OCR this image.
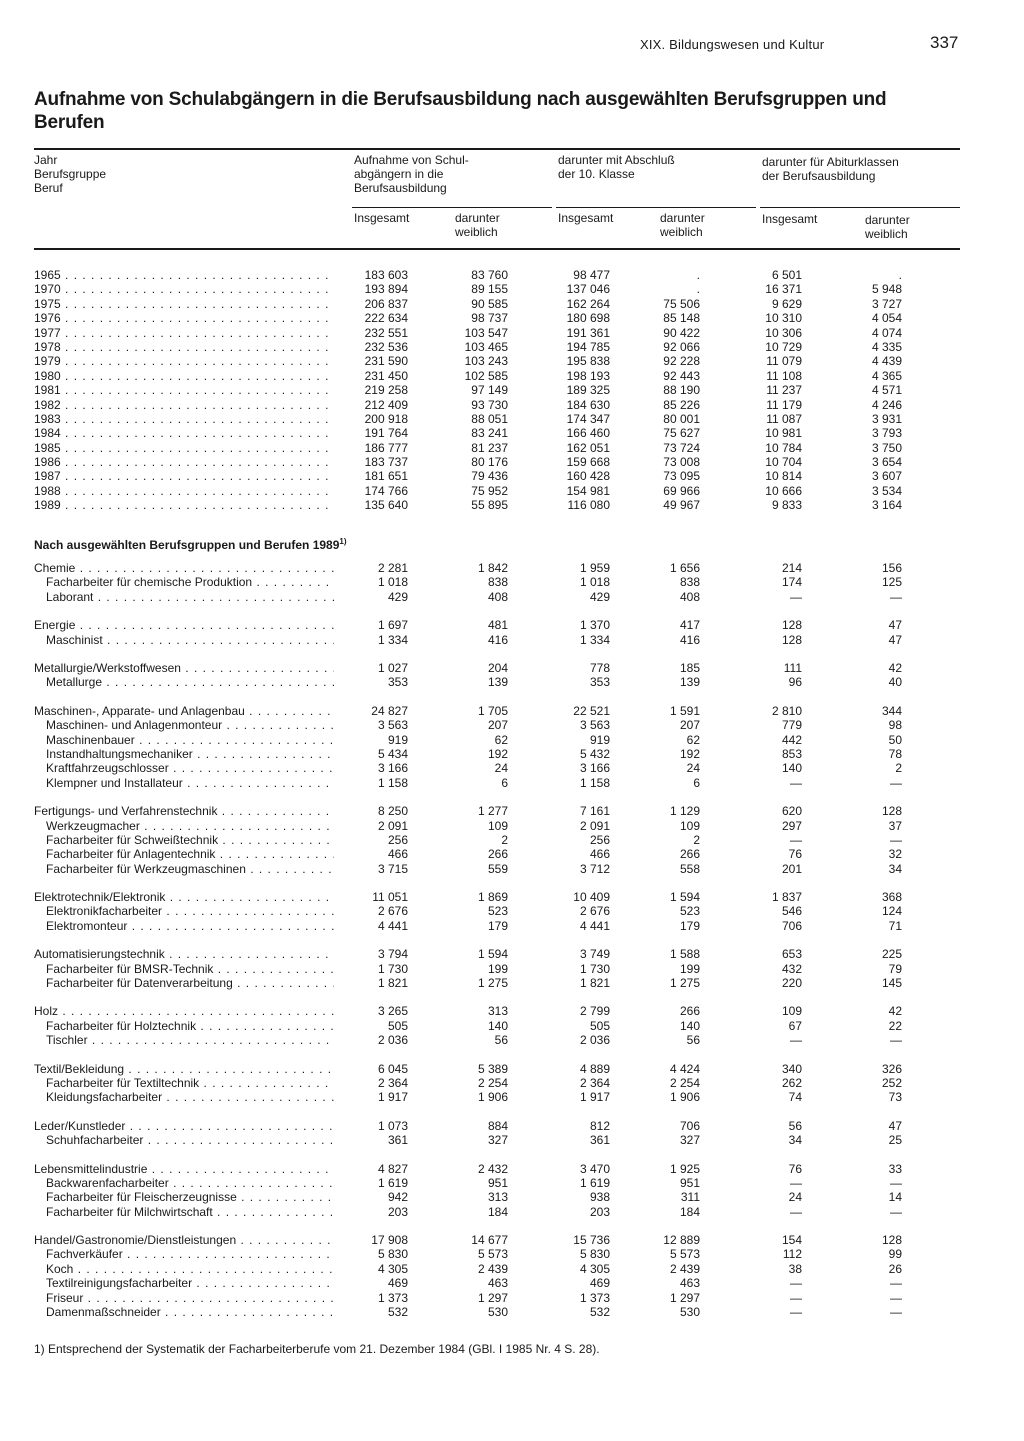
XIX. Bildungswesen und Kultur	337
Aufnahme von Schulabgängern in die Berufsausbildung nach ausgewählten Berufsgruppen und Berufen
Jahr
Berufsgruppe
Beruf
Aufnahme von Schul-
abgängern in die
Berufsausbildung
darunter mit Abschluß
der 10. Klasse
darunter für Abiturklassen
der Berufsausbildung
Insgesamt	darunter
weiblich
Insgesamt	darunter
weiblich
Insgesamt	darunter
weiblich
1965 . . .	183 603	83 760	98 477	.	6 501	.
1970 . . .	193 894	89 155	137 046	.	16 371	5 948
1975 . . .	206 837	90 585	162 264	75 506	9 629	3 727
1976 . . .	222 634	98 737	180 698	85 148	10 310	4 054
1977 . . .	232 551	103 547	191 361	90 422	10 306	4 074
1978 . . .	232 536	103 465	194 785	92 066	10 729	4 335
1979 . . .	231 590	103 243	195 838	92 228	11 079	4 439
1980 . . .	231 450	102 585	198 193	92 443	11 108	4 365
1981 . . .	219 258	97 149	189 325	88 190	11 237	4 571
1982 . . .	212 409	93 730	184 630	85 226	11 179	4 246
1983 . . .	200 918	88 051	174 347	80 001	11 087	3 931
1984 . . .	191 764	83 241	166 460	75 627	10 981	3 793
1985 . . .	186 777	81 237	162 051	73 724	10 784	3 750
1986 . . .	183 737	80 176	159 668	73 008	10 704	3 654
1987 . . .	181 651	79 436	160 428	73 095	10 814	3 607
1988 . . .	174 766	75 952	154 981	69 966	10 666	3 534
1989 . . .	135 640	55 895	116 080	49 967	9 833	3 164
Nach ausgewählten Berufsgruppen und Berufen 1989$^{1)}$
Chemie . . .	2 281	1 842	1 959	1 656	214	156
Facharbeiter für chemische Produktion . . .	1 018	838	1 018	838	174	125
Laborant . . .	429	408	429	408	—	—
Energie . . .	1 697	481	1 370	417	128	47
Maschinist . . .	1 334	416	1 334	416	128	47
Metallurgie/Werkstoffwesen . . .	1 027	204	778	185	111	42
Metallurge . . .	353	139	353	139	96	40
Maschinen-, Apparate- und Anlagenbau . . .	24 827	1 705	22 521	1 591	2 810	344
Maschinen- und Anlagenmonteur . . .	3 563	207	3 563	207	779	98
Maschinenbauer . . .	919	62	919	62	442	50
Instandhaltungsmechaniker . . .	5 434	192	5 432	192	853	78
Kraftfahrzeugschlosser . . .	3 166	24	3 166	24	140	2
Klempner und Installateur . . .	1 158	6	1 158	6	—	—
Fertigungs- und Verfahrenstechnik . . .	8 250	1 277	7 161	1 129	620	128
Werkzeugmacher . . .	2 091	109	2 091	109	297	37
Facharbeiter für Schweißtechnik . . .	256	2	256	2	—	—
Facharbeiter für Anlagentechnik . . .	466	266	466	266	76	32
Facharbeiter für Werkzeugmaschinen . . .	3 715	559	3 712	558	201	34
Elektrotechnik/Elektronik . . .	11 051	1 869	10 409	1 594	1 837	368
Elektronikfacharbeiter . . .	2 676	523	2 676	523	546	124
Elektromonteur . . .	4 441	179	4 441	179	706	71
Automatisierungstechnik . . .	3 794	1 594	3 749	1 588	653	225
Facharbeiter für BMSR-Technik . . .	1 730	199	1 730	199	432	79
Facharbeiter für Datenverarbeitung . . .	1 821	1 275	1 821	1 275	220	145
Holz . . .	3 265	313	2 799	266	109	42
Facharbeiter für Holztechnik . . .	505	140	505	140	67	22
Tischler . . .	2 036	56	2 036	56	—	—
Textil/Bekleidung . . .	6 045	5 389	4 889	4 424	340	326
Facharbeiter für Textiltechnik . . .	2 364	2 254	2 364	2 254	262	252
Kleidungsfacharbeiter . . .	1 917	1 906	1 917	1 906	74	73
Leder/Kunstleder . . .	1 073	884	812	706	56	47
Schuhfacharbeiter . . .	361	327	361	327	34	25
Lebensmittelindustrie . . .	4 827	2 432	3 470	1 925	76	33
Backwarenfacharbeiter . . .	1 619	951	1 619	951	—	—
Facharbeiter für Fleischerzeugnisse . . .	942	313	938	311	24	14
Facharbeiter für Milchwirtschaft . . .	203	184	203	184	—	—
Handel/Gastronomie/Dienstleistungen . . .	17 908	14 677	15 736	12 889	154	128
Fachverkäufer . . .	5 830	5 573	5 830	5 573	112	99
Koch . . .	4 305	2 439	4 305	2 439	38	26
Textilreinigungsfacharbeiter . . .	469	463	469	463	—	—
Friseur . . .	1 373	1 297	1 373	1 297	—	—
Damenmaßschneider . . .	532	530	532	530	—	—
1) Entsprechend der Systematik der Facharbeiterberufe vom 21. Dezember 1984 (GBl. I 1985 Nr. 4 S. 28).
